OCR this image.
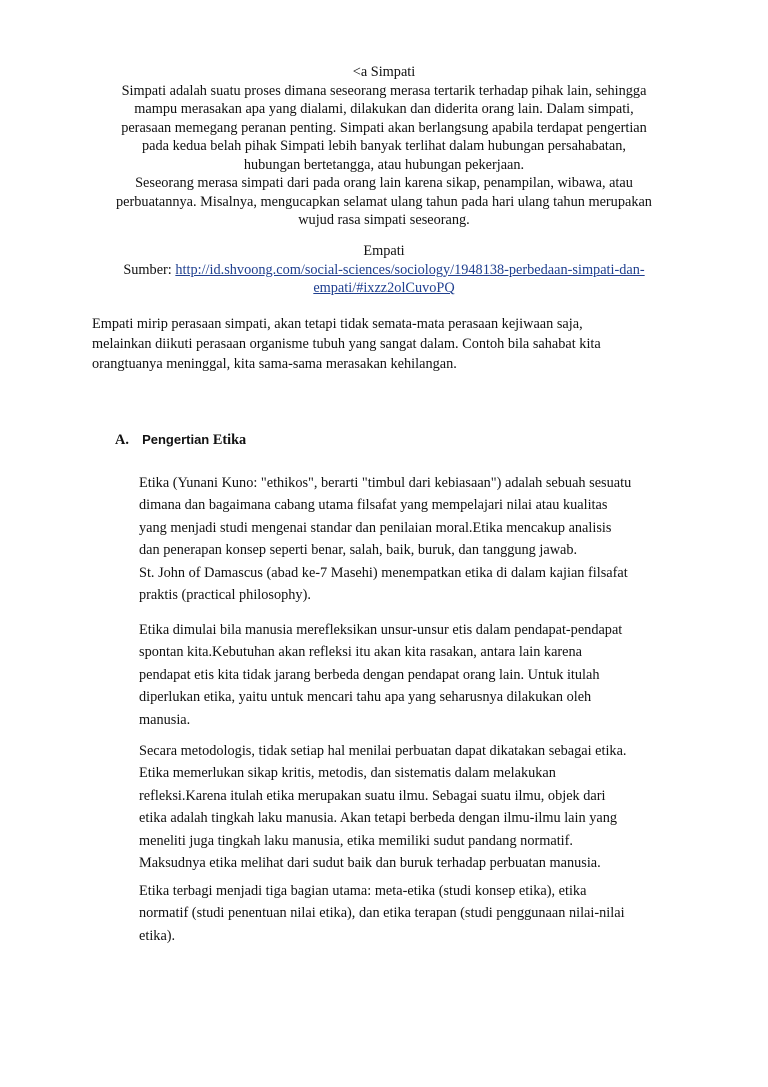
<a Simpati
Simpati adalah suatu proses dimana seseorang merasa tertarik terhadap pihak lain, sehingga
mampu merasakan apa yang dialami, dilakukan dan diderita orang lain. Dalam simpati,
perasaan memegang peranan penting. Simpati akan berlangsung apabila terdapat pengertian
pada kedua belah pihak Simpati lebih banyak terlihat dalam hubungan persahabatan,
hubungan bertetangga, atau hubungan pekerjaan.
Seseorang merasa simpati dari pada orang lain karena sikap, penampilan, wibawa, atau
perbuatannya. Misalnya, mengucapkan selamat ulang tahun pada hari ulang tahun merupakan
wujud rasa simpati seseorang.
Empati
Sumber: http://id.shvoong.com/social-sciences/sociology/1948138-perbedaan-simpati-dan-
empati/#ixzz2olCuvoPQ
Empati mirip perasaan simpati, akan tetapi tidak semata-mata perasaan kejiwaan saja,
melainkan diikuti perasaan organisme tubuh yang sangat dalam. Contoh bila sahabat kita
orangtuanya meninggal, kita sama-sama merasakan kehilangan.
A. Pengertian Etika
Etika (Yunani Kuno: "ethikos", berarti "timbul dari kebiasaan") adalah sebuah sesuatu
dimana dan bagaimana cabang utama filsafat yang mempelajari nilai atau kualitas
yang menjadi studi mengenai standar dan penilaian moral.Etika mencakup analisis
dan penerapan konsep seperti benar, salah, baik, buruk, dan tanggung jawab.
St. John of Damascus (abad ke-7 Masehi) menempatkan etika di dalam kajian filsafat
praktis (practical philosophy).
Etika dimulai bila manusia merefleksikan unsur-unsur etis dalam pendapat-pendapat
spontan kita.Kebutuhan akan refleksi itu akan kita rasakan, antara lain karena
pendapat etis kita tidak jarang berbeda dengan pendapat orang lain. Untuk itulah
diperlukan etika, yaitu untuk mencari tahu apa yang seharusnya dilakukan oleh
manusia.
Secara metodologis, tidak setiap hal menilai perbuatan dapat dikatakan sebagai etika.
Etika memerlukan sikap kritis, metodis, dan sistematis dalam melakukan
refleksi.Karena itulah etika merupakan suatu ilmu. Sebagai suatu ilmu, objek dari
etika adalah tingkah laku manusia. Akan tetapi berbeda dengan ilmu-ilmu lain yang
meneliti juga tingkah laku manusia, etika memiliki sudut pandang normatif.
Maksudnya etika melihat dari sudut baik dan buruk terhadap perbuatan manusia.
Etika terbagi menjadi tiga bagian utama: meta-etika (studi konsep etika), etika
normatif (studi penentuan nilai etika), dan etika terapan (studi penggunaan nilai-nilai
etika).
